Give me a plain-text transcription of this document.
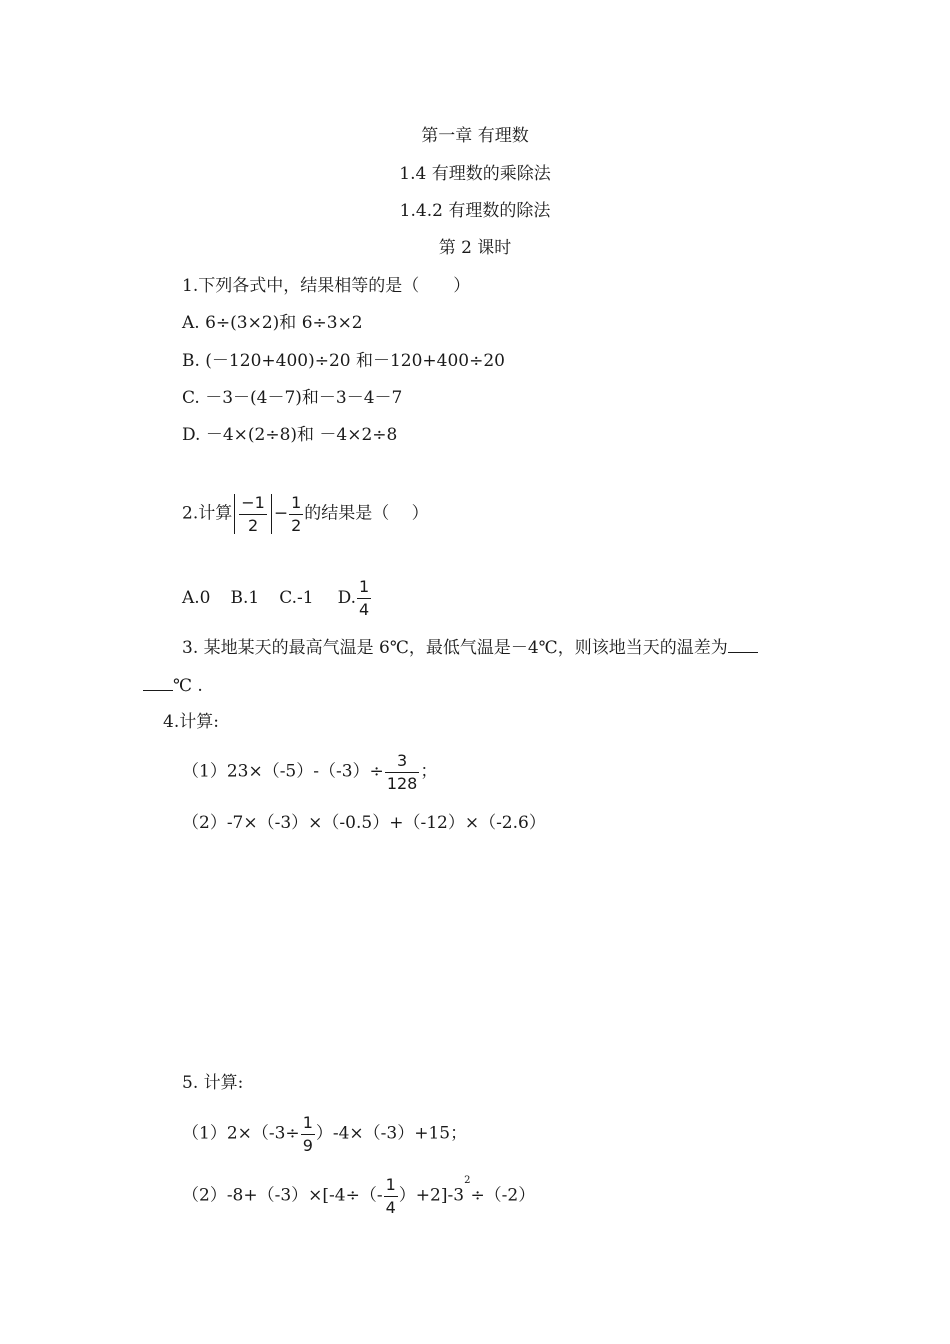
第一章 有理数
1.4 有理数的乘除法
1.4.2 有理数的除法
第 2 课时
1.下列各式中，结果相等的是（　　）
A. 6÷(3×2)和 6÷3×2
B. (－120+400)÷20 和－120+400÷20
C. －3－(4－7)和－3－4－7
D. －4×(2÷8)和 －4×2÷8
2.计算 $\frac{-1}{2} - \frac{1}{2}$ 的结果是（　 ）
A.0 B.1 C.-1 D. $\frac{1}{4}$
3. 某地某天的最高气温是 6℃，最低气温是－4℃，则该地当天的温差为
℃ .
4.计算:
$(1)23\times(-5)-(-3)\div \frac{3}{128}$ ；
（2）-7×（-3）×（-0.5）+（-12）×（-2.6）
5. 计算:
$(1)2\times(-3\div \frac{1}{9} )-4\times(-3)+15$；
$(2)-8+(-3)\times[-4\div(- \frac{1}{4} )+2]-3^2\div(-2)$
